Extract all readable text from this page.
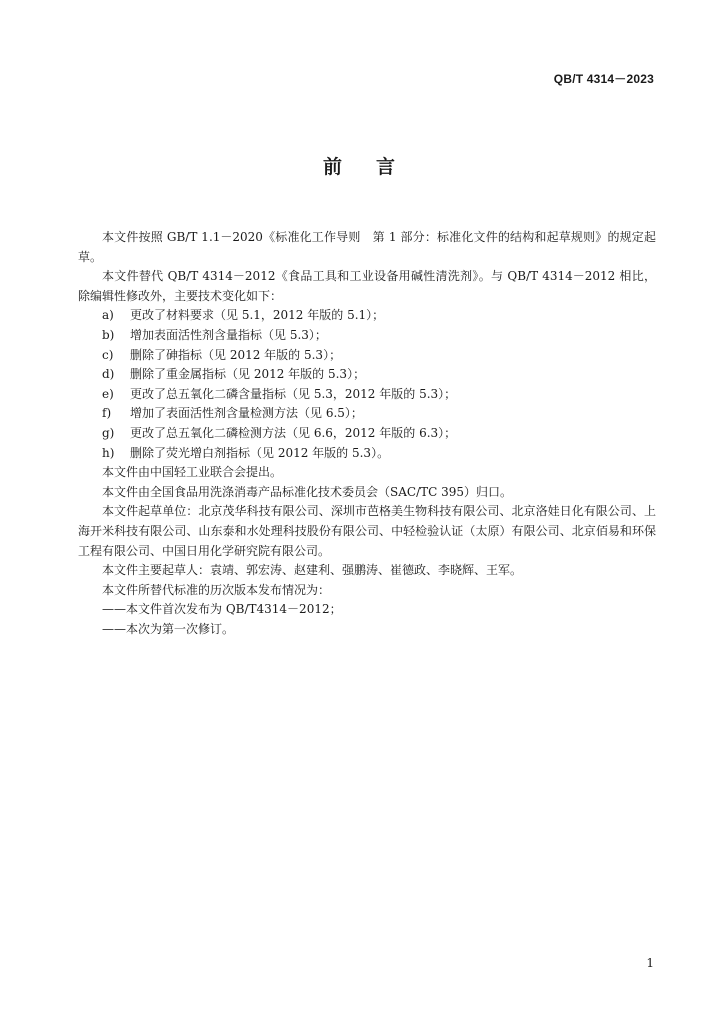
QB/T 4314－2023
前言

本文件按照 GB/T 1.1－2020《标准化工作导则　第 1 部分：标准化文件的结构和起草规则》的规定起草。

本文件替代 QB/T 4314－2012《食品工具和工业设备用碱性清洗剂》。与 QB/T 4314－2012 相比，除编辑性修改外，主要技术变化如下：

a) 更改了材料要求（见 5.1，2012 年版的 5.1）；

b) 增加表面活性剂含量指标（见 5.3）；

c) 删除了砷指标（见 2012 年版的 5.3）；

d) 删除了重金属指标（见 2012 年版的 5.3）；

e) 更改了总五氧化二磷含量指标（见 5.3，2012 年版的 5.3）；

f) 增加了表面活性剂含量检测方法（见 6.5）；

g) 更改了总五氧化二磷检测方法（见 6.6，2012 年版的 6.3）；

h) 删除了荧光增白剂指标（见 2012 年版的 5.3）。

本文件由中国轻工业联合会提出。

本文件由全国食品用洗涤消毒产品标准化技术委员会（SAC/TC 395）归口。

本文件起草单位：北京茂华科技有限公司、深圳市芭格美生物科技有限公司、北京洛娃日化有限公司、上海开米科技有限公司、山东泰和水处理科技股份有限公司、中轻检验认证（太原）有限公司、北京佰易和环保工程有限公司、中国日用化学研究院有限公司。

本文件主要起草人：袁靖、郭宏涛、赵建利、强鹏涛、崔德政、李晓辉、王军。

本文件所替代标准的历次版本发布情况为：

——本文件首次发布为 QB/T4314－2012；

——本次为第一次修订。

1
